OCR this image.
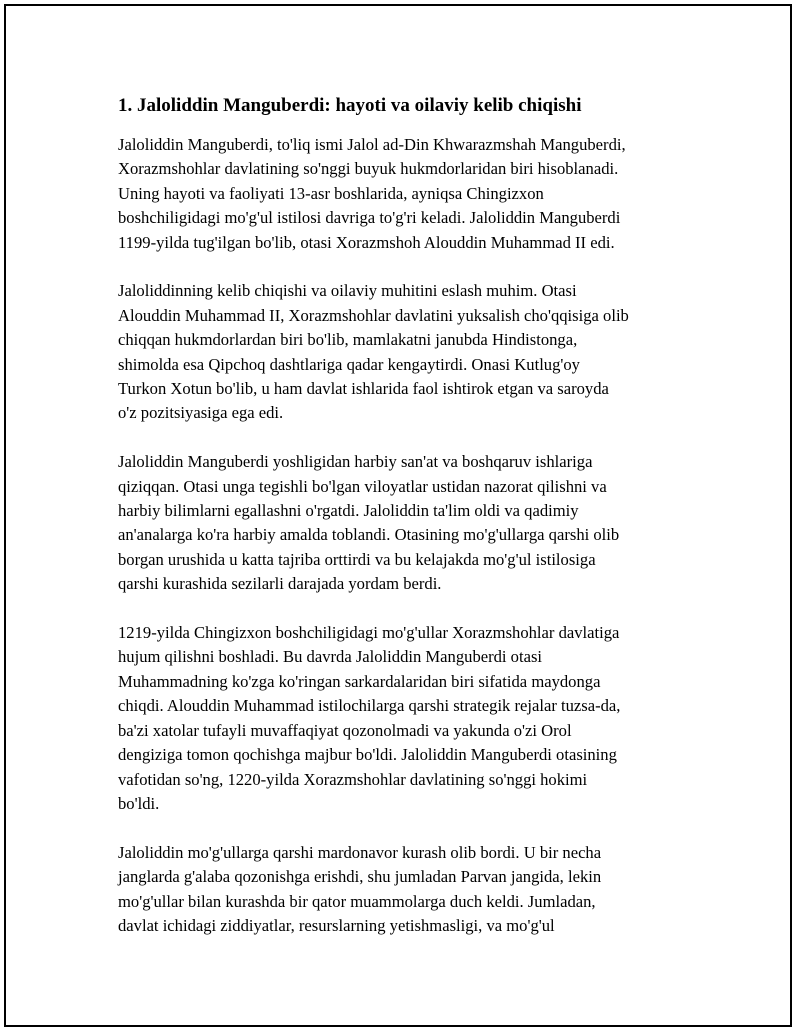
1. Jaloliddin Manguberdi: hayoti va oilaviy kelib chiqishi

Jaloliddin Manguberdi, to'liq ismi Jalol ad-Din Khwarazmshah Manguberdi,
Xorazmshohlar davlatining so'nggi buyuk hukmdorlaridan biri hisoblanadi.
Uning hayoti va faoliyati 13-asr boshlarida, ayniqsa Chingizxon
boshchiligidagi mo'g'ul istilosi davriga to'g'ri keladi. Jaloliddin Manguberdi
1199-yilda tug'ilgan bo'lib, otasi Xorazmshoh Alouddin Muhammad II edi.

Jaloliddinning kelib chiqishi va oilaviy muhitini eslash muhim. Otasi
Alouddin Muhammad II, Xorazmshohlar davlatini yuksalish cho'qqisiga olib
chiqqan hukmdorlardan biri bo'lib, mamlakatni janubda Hindistonga,
shimolda esa Qipchoq dashtlariga qadar kengaytirdi. Onasi Kutlug'oy
Turkon Xotun bo'lib, u ham davlat ishlarida faol ishtirok etgan va saroyda
o'z pozitsiyasiga ega edi.

Jaloliddin Manguberdi yoshligidan harbiy san'at va boshqaruv ishlariga
qiziqqan. Otasi unga tegishli bo'lgan viloyatlar ustidan nazorat qilishni va
harbiy bilimlarni egallashni o'rgatdi. Jaloliddin ta'lim oldi va qadimiy
an'analarga ko'ra harbiy amalda toblandi. Otasining mo'g'ullarga qarshi olib
borgan urushida u katta tajriba orttirdi va bu kelajakda mo'g'ul istilosiga
qarshi kurashida sezilarli darajada yordam berdi.

1219-yilda Chingizxon boshchiligidagi mo'g'ullar Xorazmshohlar davlatiga
hujum qilishni boshladi. Bu davrda Jaloliddin Manguberdi otasi
Muhammadning ko'zga ko'ringan sarkardalaridan biri sifatida maydonga
chiqdi. Alouddin Muhammad istilochilarga qarshi strategik rejalar tuzsa-da,
ba'zi xatolar tufayli muvaffaqiyat qozonolmadi va yakunda o'zi Orol
dengiziga tomon qochishga majbur bo'ldi. Jaloliddin Manguberdi otasining
vafotidan so'ng, 1220-yilda Xorazmshohlar davlatining so'nggi hokimi
bo'ldi.

Jaloliddin mo'g'ullarga qarshi mardonavor kurash olib bordi. U bir necha
janglarda g'alaba qozonishga erishdi, shu jumladan Parvan jangida, lekin
mo'g'ullar bilan kurashda bir qator muammolarga duch keldi. Jumladan,
davlat ichidagi ziddiyatlar, resurslarning yetishmasligi, va mo'g'ul
